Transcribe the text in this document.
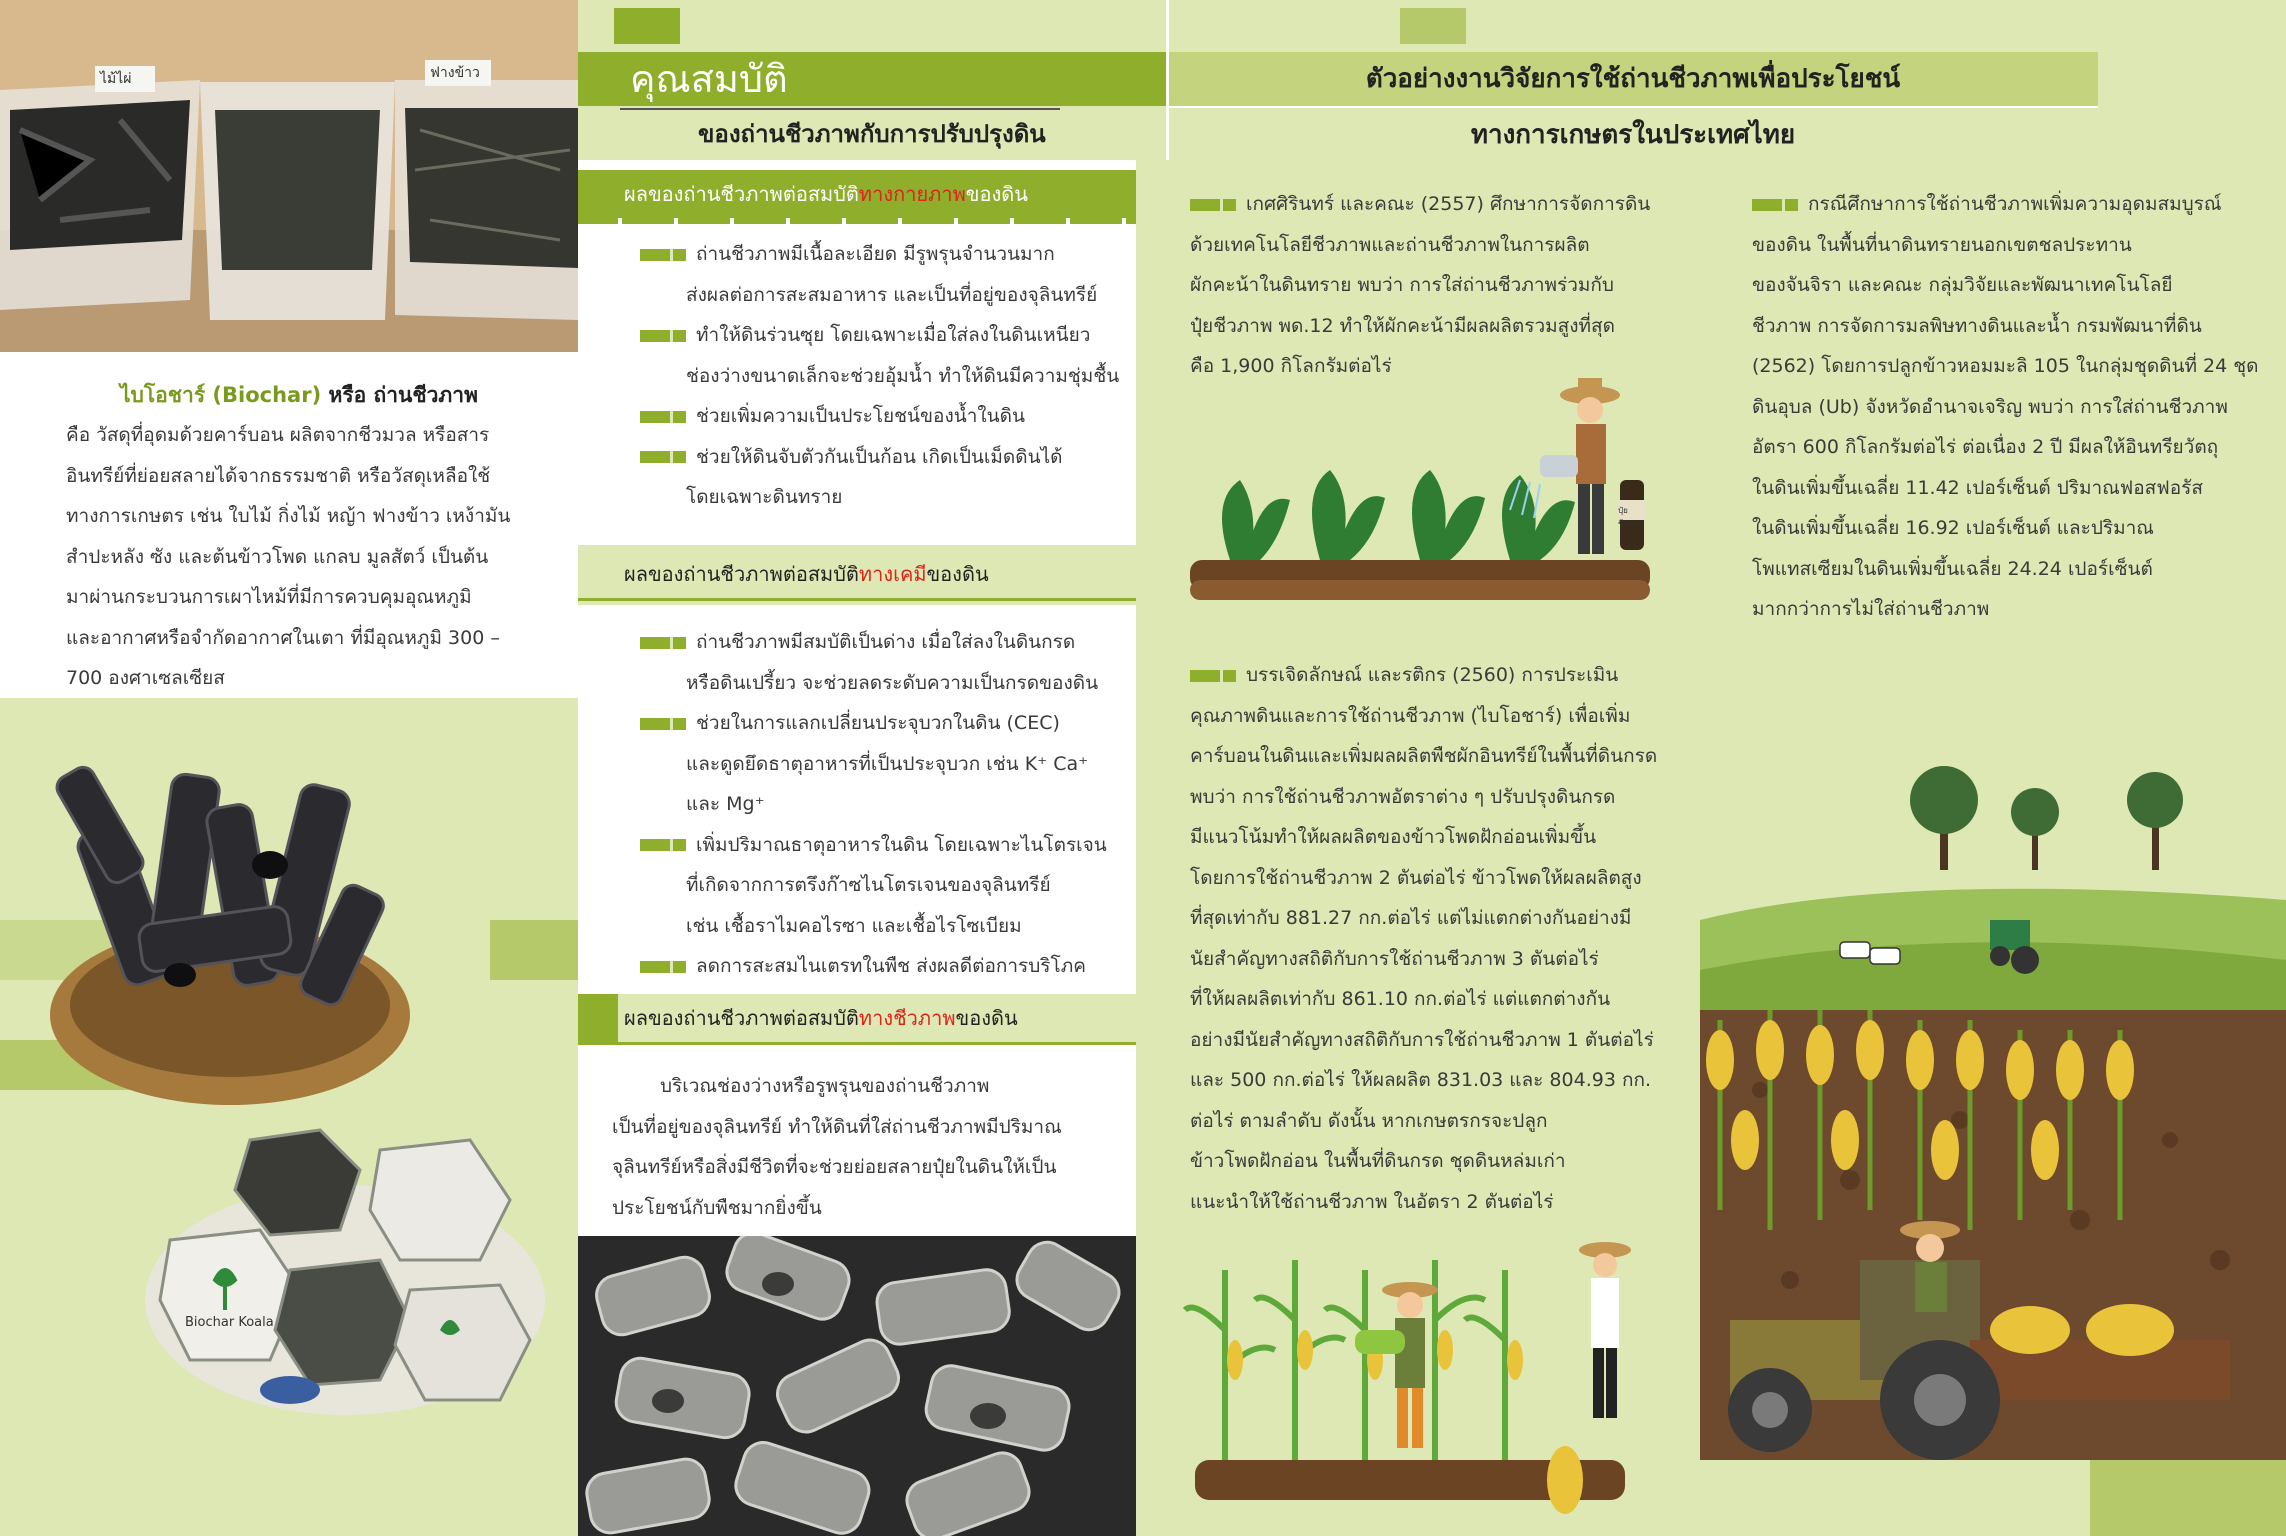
คุณสมบัติ
ของถ่านชีวภาพกับการปรับปรุงดิน
ตัวอย่างงานวิจัยการใช้ถ่านชีวภาพเพื่อประโยชน์
ทางการเกษตรในประเทศไทย
ไม้ไผ่	ฟางข้าว
ไบโอชาร์ (Biochar) หรือ ถ่านชีวภาพ
คือ วัสดุที่อุดมด้วยคาร์บอน ผลิตจากชีวมวล หรือสาร
อินทรีย์ที่ย่อยสลายได้จากธรรมชาติ หรือวัสดุเหลือใช้
ทางการเกษตร เช่น ใบไม้ กิ่งไม้ หญ้า ฟางข้าว เหง้ามัน
สำปะหลัง ซัง และต้นข้าวโพด แกลบ มูลสัตว์ เป็นต้น
มาผ่านกระบวนการเผาไหม้ที่มีการควบคุมอุณหภูมิ
และอากาศหรือจำกัดอากาศในเตา ที่มีอุณหภูมิ 300 –
700 องศาเซลเซียส
Biochar Koala
ผลของถ่านชีวภาพต่อสมบัติทางกายภาพของดิน
ถ่านชีวภาพมีเนื้อละเอียด มีรูพรุนจำนวนมาก
ส่งผลต่อการสะสมอาหาร และเป็นที่อยู่ของจุลินทรีย์
ทำให้ดินร่วนซุย โดยเฉพาะเมื่อใส่ลงในดินเหนียว
ช่องว่างขนาดเล็กจะช่วยอุ้มน้ำ ทำให้ดินมีความชุ่มชื้น
ช่วยเพิ่มความเป็นประโยชน์ของน้ำในดิน
ช่วยให้ดินจับตัวกันเป็นก้อน เกิดเป็นเม็ดดินได้
โดยเฉพาะดินทราย
ผลของถ่านชีวภาพต่อสมบัติทางเคมีของดิน
ถ่านชีวภาพมีสมบัติเป็นด่าง เมื่อใส่ลงในดินกรด
หรือดินเปรี้ยว จะช่วยลดระดับความเป็นกรดของดิน
ช่วยในการแลกเปลี่ยนประจุบวกในดิน (CEC)
และดูดยึดธาตุอาหารที่เป็นประจุบวก เช่น K⁺ Ca⁺
และ Mg⁺
เพิ่มปริมาณธาตุอาหารในดิน โดยเฉพาะไนโตรเจน
ที่เกิดจากการตรึงก๊าซไนโตรเจนของจุลินทรีย์
เช่น เชื้อราไมคอไรซา และเชื้อไรโซเบียม
ลดการสะสมไนเตรทในพืช ส่งผลดีต่อการบริโภค
ผลของถ่านชีวภาพต่อสมบัติทางชีวภาพของดิน
บริเวณช่องว่างหรือรูพรุนของถ่านชีวภาพ
เป็นที่อยู่ของจุลินทรีย์ ทำให้ดินที่ใส่ถ่านชีวภาพมีปริมาณ
จุลินทรีย์หรือสิ่งมีชีวิตที่จะช่วยย่อยสลายปุ๋ยในดินให้เป็น
ประโยชน์กับพืชมากยิ่งขึ้น
เกศศิรินทร์ และคณะ (2557) ศึกษาการจัดการดิน
ด้วยเทคโนโลยีชีวภาพและถ่านชีวภาพในการผลิต
ผักคะน้าในดินทราย พบว่า การใส่ถ่านชีวภาพร่วมกับ
ปุ๋ยชีวภาพ พด.12 ทำให้ผักคะน้ามีผลผลิตรวมสูงที่สุด
คือ 1,900 กิโลกรัมต่อไร่
ปุ๋ยชีวภาพ
บรรเจิดลักษณ์ และรติกร (2560) การประเมิน
คุณภาพดินและการใช้ถ่านชีวภาพ (ไบโอชาร์) เพื่อเพิ่ม
คาร์บอนในดินและเพิ่มผลผลิตพืชผักอินทรีย์ในพื้นที่ดินกรด
พบว่า การใช้ถ่านชีวภาพอัตราต่าง ๆ ปรับปรุงดินกรด
มีแนวโน้มทำให้ผลผลิตของข้าวโพดฝักอ่อนเพิ่มขึ้น
โดยการใช้ถ่านชีวภาพ 2 ตันต่อไร่ ข้าวโพดให้ผลผลิตสูง
ที่สุดเท่ากับ 881.27 กก.ต่อไร่ แต่ไม่แตกต่างกันอย่างมี
นัยสำคัญทางสถิติกับการใช้ถ่านชีวภาพ 3 ตันต่อไร่
ที่ให้ผลผลิตเท่ากับ 861.10 กก.ต่อไร่ แต่แตกต่างกัน
อย่างมีนัยสำคัญทางสถิติกับการใช้ถ่านชีวภาพ 1 ตันต่อไร่
และ 500 กก.ต่อไร่ ให้ผลผลิต 831.03 และ 804.93 กก.
ต่อไร่ ตามลำดับ ดังนั้น หากเกษตรกรจะปลูก
ข้าวโพดฝักอ่อน ในพื้นที่ดินกรด ชุดดินหล่มเก่า
แนะนำให้ใช้ถ่านชีวภาพ ในอัตรา 2 ตันต่อไร่
กรณีศึกษาการใช้ถ่านชีวภาพเพิ่มความอุดมสมบูรณ์
ของดิน ในพื้นที่นาดินทรายนอกเขตชลประทาน
ของจันจิรา และคณะ กลุ่มวิจัยและพัฒนาเทคโนโลยี
ชีวภาพ การจัดการมลพิษทางดินและน้ำ กรมพัฒนาที่ดิน
(2562) โดยการปลูกข้าวหอมมะลิ 105 ในกลุ่มชุดดินที่ 24 ชุด
ดินอุบล (Ub) จังหวัดอำนาจเจริญ พบว่า การใส่ถ่านชีวภาพ
อัตรา 600 กิโลกรัมต่อไร่ ต่อเนื่อง 2 ปี มีผลให้อินทรียวัตถุ
ในดินเพิ่มขึ้นเฉลี่ย 11.42 เปอร์เซ็นต์ ปริมาณฟอสฟอรัส
ในดินเพิ่มขึ้นเฉลี่ย 16.92 เปอร์เซ็นต์ และปริมาณ
โพแทสเซียมในดินเพิ่มขึ้นเฉลี่ย 24.24 เปอร์เซ็นต์
มากกว่าการไม่ใส่ถ่านชีวภาพ
